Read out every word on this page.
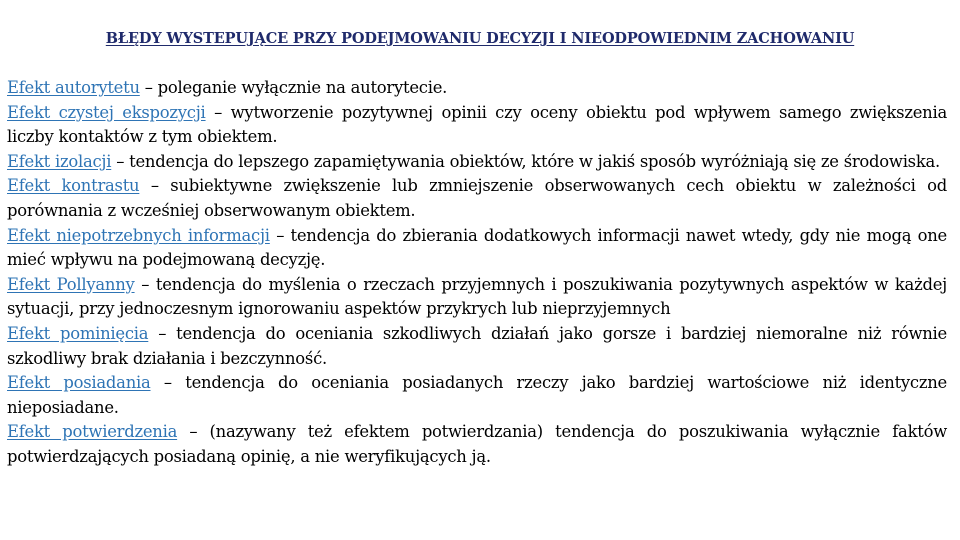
BŁĘDY WYSTEPUJĄCE PRZY PODEJMOWANIU DECYZJI I NIEODPOWIEDNIM ZACHOWANIU

Efekt autorytetu – poleganie wyłącznie na autorytecie.

Efekt czystej ekspozycji – wytworzenie pozytywnej opinii czy oceny obiektu pod wpływem samego zwiększenia liczby kontaktów z tym obiektem.

Efekt izolacji – tendencja do lepszego zapamiętywania obiektów, które w jakiś sposób wyróżniają się ze środowiska.

Efekt kontrastu – subiektywne zwiększenie lub zmniejszenie obserwowanych cech obiektu w zależności od porównania z wcześniej obserwowanym obiektem.

Efekt niepotrzebnych informacji – tendencja do zbierania dodatkowych informacji nawet wtedy, gdy nie mogą one mieć wpływu na podejmowaną decyzję.

Efekt Pollyanny – tendencja do myślenia o rzeczach przyjemnych i poszukiwania pozytywnych aspektów w każdej sytuacji, przy jednoczesnym ignorowaniu aspektów przykrych lub nieprzyjemnych

Efekt pominięcia – tendencja do oceniania szkodliwych działań jako gorsze i bardziej niemoralne niż równie szkodliwy brak działania i bezczynność.

Efekt posiadania – tendencja do oceniania posiadanych rzeczy jako bardziej wartościowe niż identyczne nieposiadane.

Efekt potwierdzenia – (nazywany też efektem potwierdzania) tendencja do poszukiwania wyłącznie faktów potwierdzających posiadaną opinię, a nie weryfikujących ją.
